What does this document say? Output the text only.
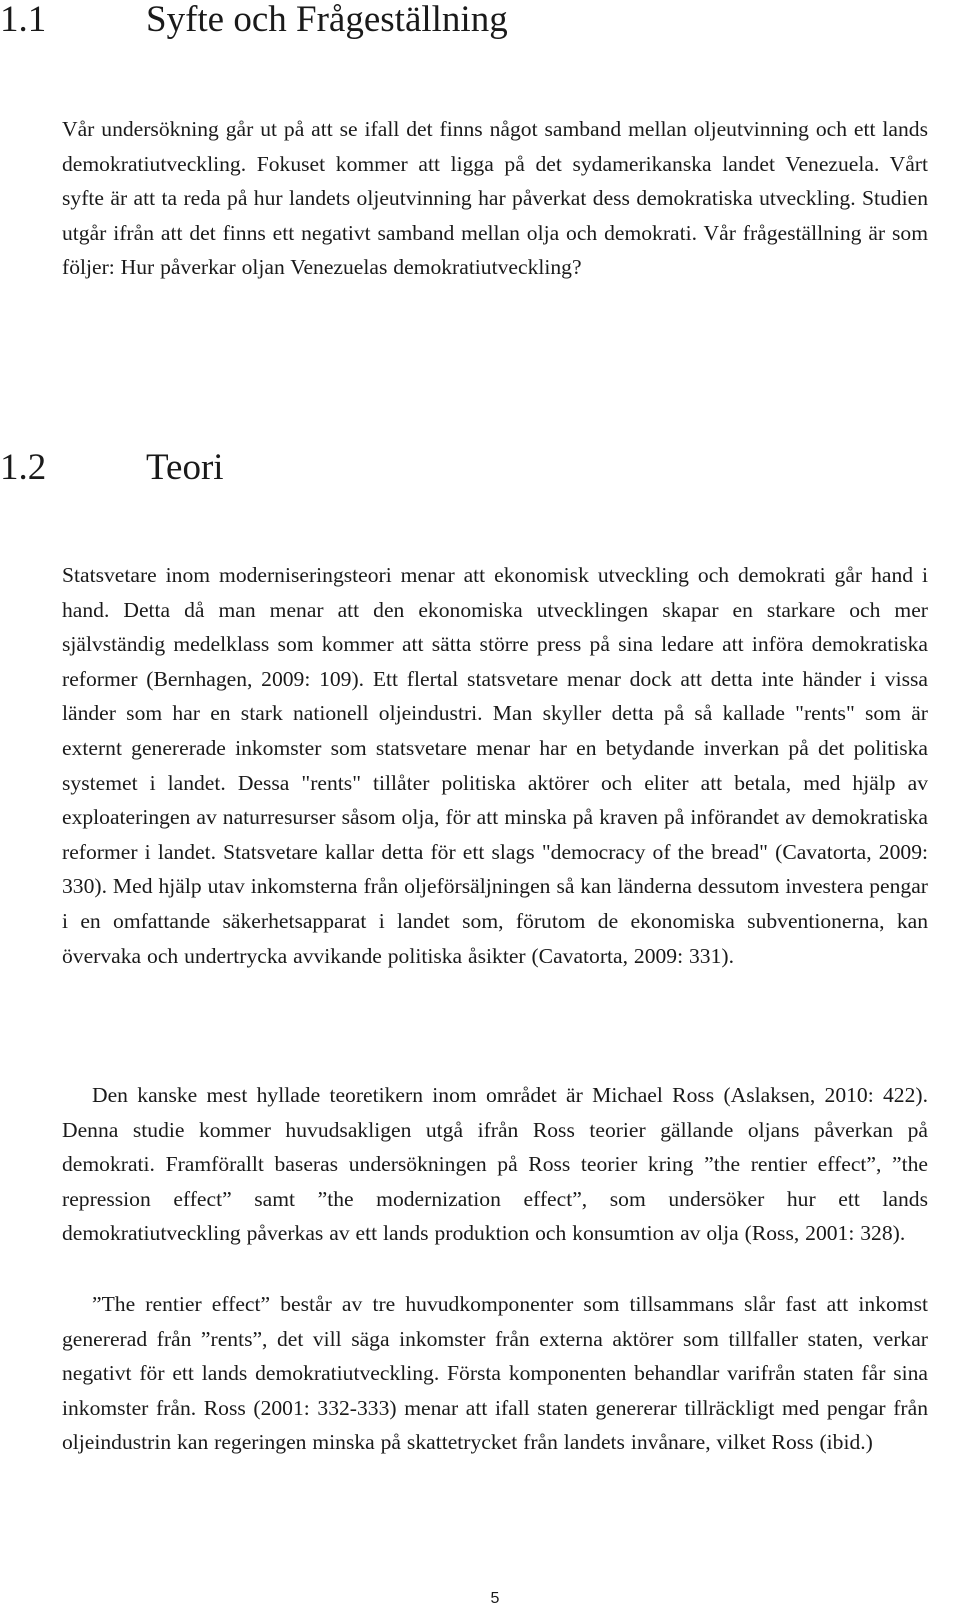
1.1	Syfte och Frågeställning

Vår undersökning går ut på att se ifall det finns något samband mellan oljeutvinning och ett lands demokratiutveckling. Fokuset kommer att ligga på det sydamerikanska landet Venezuela. Vårt syfte är att ta reda på hur landets oljeutvinning har påverkat dess demokratiska utveckling. Studien utgår ifrån att det finns ett negativt samband mellan olja och demokrati. Vår frågeställning är som följer: Hur påverkar oljan Venezuelas demokratiutveckling?

1.2	Teori

Statsvetare inom moderniseringsteori menar att ekonomisk utveckling och demokrati går hand i hand. Detta då man menar att den ekonomiska utvecklingen skapar en starkare och mer självständig medelklass som kommer att sätta större press på sina ledare att införa demokratiska reformer (Bernhagen, 2009: 109). Ett flertal statsvetare menar dock att detta inte händer i vissa länder som har en stark nationell oljeindustri. Man skyller detta på så kallade "rents" som är externt genererade inkomster som statsvetare menar har en betydande inverkan på det politiska systemet i landet. Dessa "rents" tillåter politiska aktörer och eliter att betala, med hjälp av exploateringen av naturresurser såsom olja, för att minska på kraven på införandet av demokratiska reformer i landet. Statsvetare kallar detta för ett slags "democracy of the bread" (Cavatorta, 2009: 330). Med hjälp utav inkomsterna från oljeförsäljningen så kan länderna dessutom investera pengar i en omfattande säkerhetsapparat i landet som, förutom de ekonomiska subventionerna, kan övervaka och undertrycka avvikande politiska åsikter (Cavatorta, 2009: 331).

Den kanske mest hyllade teoretikern inom området är Michael Ross (Aslaksen, 2010: 422). Denna studie kommer huvudsakligen utgå ifrån Ross teorier gällande oljans påverkan på demokrati. Framförallt baseras undersökningen på Ross teorier kring ”the rentier effect”, ”the repression effect” samt ”the modernization effect”, som undersöker hur ett lands demokratiutveckling påverkas av ett lands produktion och konsumtion av olja (Ross, 2001: 328).

”The rentier effect” består av tre huvudkomponenter som tillsammans slår fast att inkomst genererad från ”rents”, det vill säga inkomster från externa aktörer som tillfaller staten, verkar negativt för ett lands demokratiutveckling. Första komponenten behandlar varifrån staten får sina inkomster från. Ross (2001: 332-333) menar att ifall staten genererar tillräckligt med pengar från oljeindustrin kan regeringen minska på skattetrycket från landets invånare, vilket Ross (ibid.)

5
